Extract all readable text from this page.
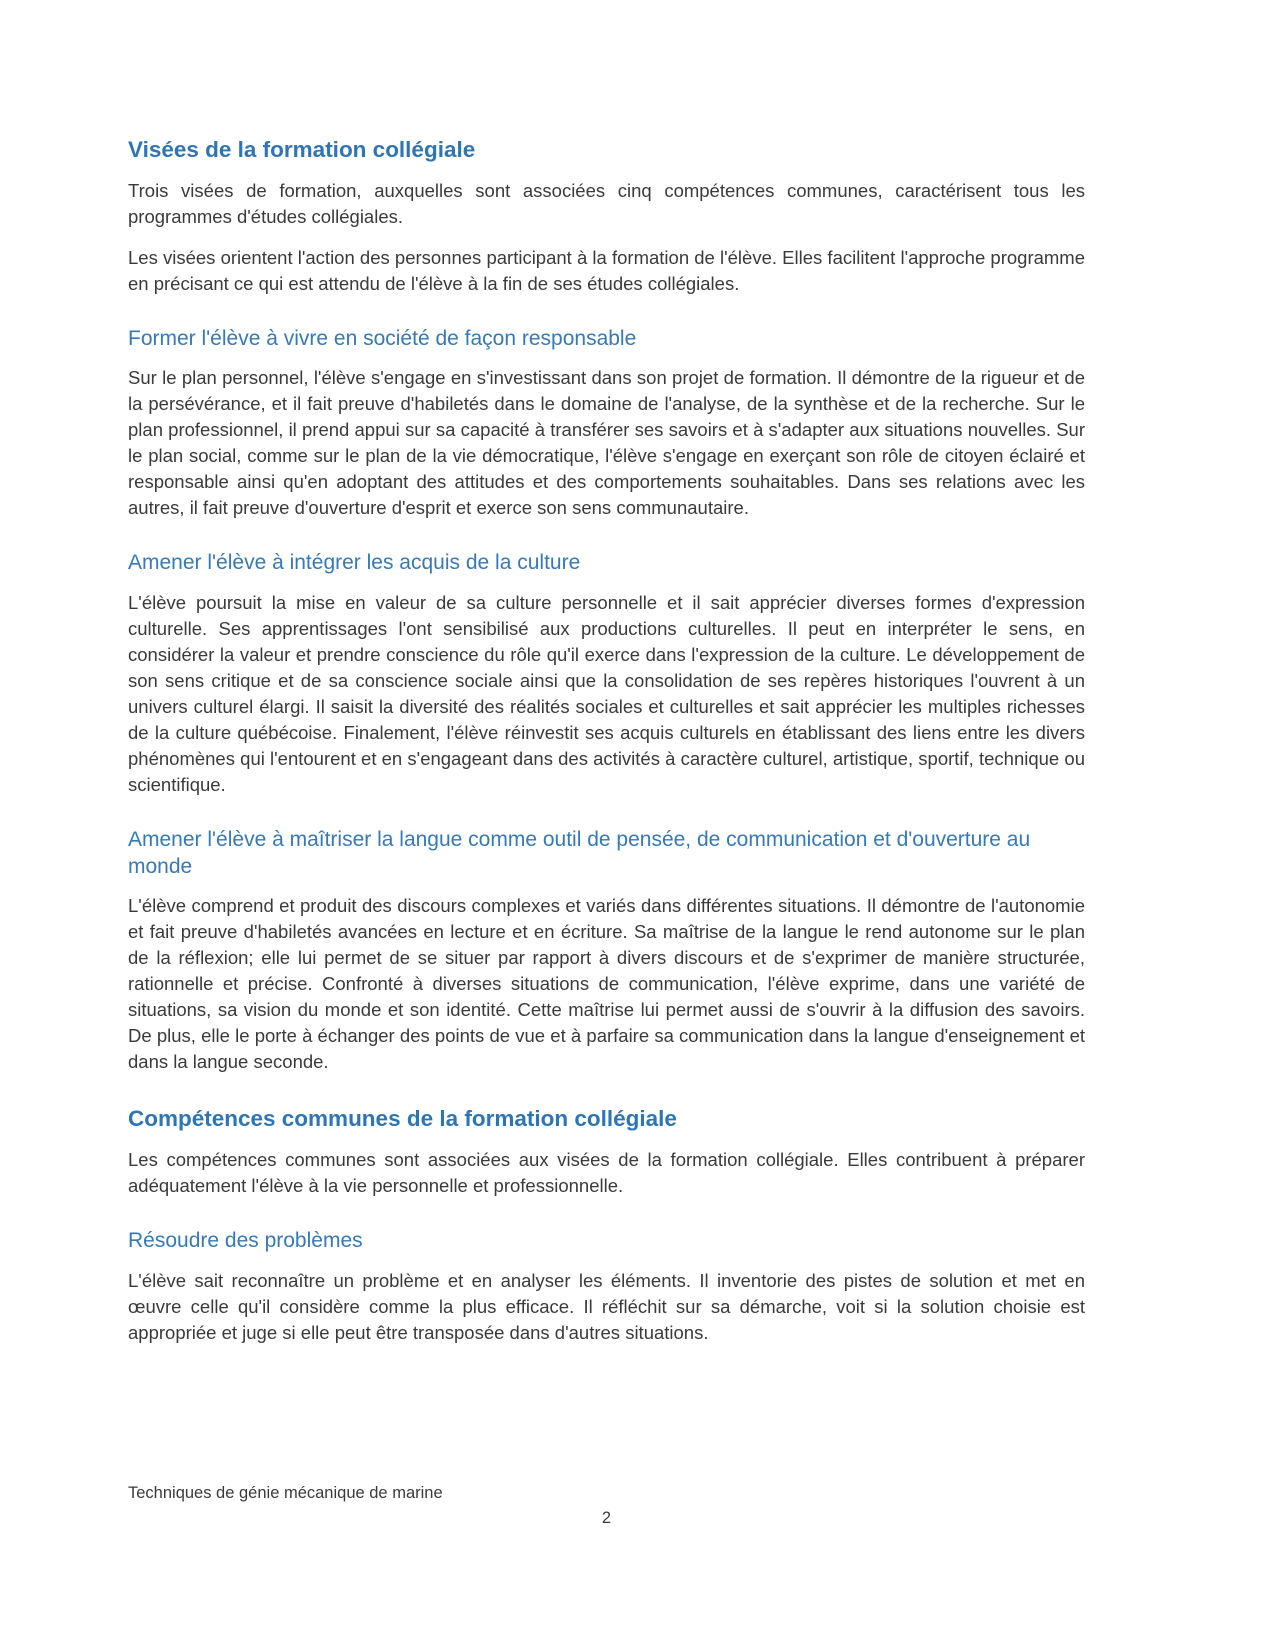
Visées de la formation collégiale

Trois visées de formation, auxquelles sont associées cinq compétences communes, caractérisent tous les programmes d'études collégiales.

Les visées orientent l'action des personnes participant à la formation de l'élève. Elles facilitent l'approche programme en précisant ce qui est attendu de l'élève à la fin de ses études collégiales.

Former l'élève à vivre en société de façon responsable

Sur le plan personnel, l'élève s'engage en s'investissant dans son projet de formation. Il démontre de la rigueur et de la persévérance, et il fait preuve d'habiletés dans le domaine de l'analyse, de la synthèse et de la recherche. Sur le plan professionnel, il prend appui sur sa capacité à transférer ses savoirs et à s'adapter aux situations nouvelles. Sur le plan social, comme sur le plan de la vie démocratique, l'élève s'engage en exerçant son rôle de citoyen éclairé et responsable ainsi qu'en adoptant des attitudes et des comportements souhaitables. Dans ses relations avec les autres, il fait preuve d'ouverture d'esprit et exerce son sens communautaire.

Amener l'élève à intégrer les acquis de la culture

L'élève poursuit la mise en valeur de sa culture personnelle et il sait apprécier diverses formes d'expression culturelle. Ses apprentissages l'ont sensibilisé aux productions culturelles. Il peut en interpréter le sens, en considérer la valeur et prendre conscience du rôle qu'il exerce dans l'expression de la culture. Le développement de son sens critique et de sa conscience sociale ainsi que la consolidation de ses repères historiques l'ouvrent à un univers culturel élargi. Il saisit la diversité des réalités sociales et culturelles et sait apprécier les multiples richesses de la culture québécoise. Finalement, l'élève réinvestit ses acquis culturels en établissant des liens entre les divers phénomènes qui l'entourent et en s'engageant dans des activités à caractère culturel, artistique, sportif, technique ou scientifique.

Amener l'élève à maîtriser la langue comme outil de pensée, de communication et d'ouverture au monde

L'élève comprend et produit des discours complexes et variés dans différentes situations. Il démontre de l'autonomie et fait preuve d'habiletés avancées en lecture et en écriture. Sa maîtrise de la langue le rend autonome sur le plan de la réflexion; elle lui permet de se situer par rapport à divers discours et de s'exprimer de manière structurée, rationnelle et précise. Confronté à diverses situations de communication, l'élève exprime, dans une variété de situations, sa vision du monde et son identité. Cette maîtrise lui permet aussi de s'ouvrir à la diffusion des savoirs. De plus, elle le porte à échanger des points de vue et à parfaire sa communication dans la langue d'enseignement et dans la langue seconde.

Compétences communes de la formation collégiale

Les compétences communes sont associées aux visées de la formation collégiale. Elles contribuent à préparer adéquatement l'élève à la vie personnelle et professionnelle.

Résoudre des problèmes

L'élève sait reconnaître un problème et en analyser les éléments. Il inventorie des pistes de solution et met en œuvre celle qu'il considère comme la plus efficace. Il réfléchit sur sa démarche, voit si la solution choisie est appropriée et juge si elle peut être transposée dans d'autres situations.

Techniques de génie mécanique de marine
2
